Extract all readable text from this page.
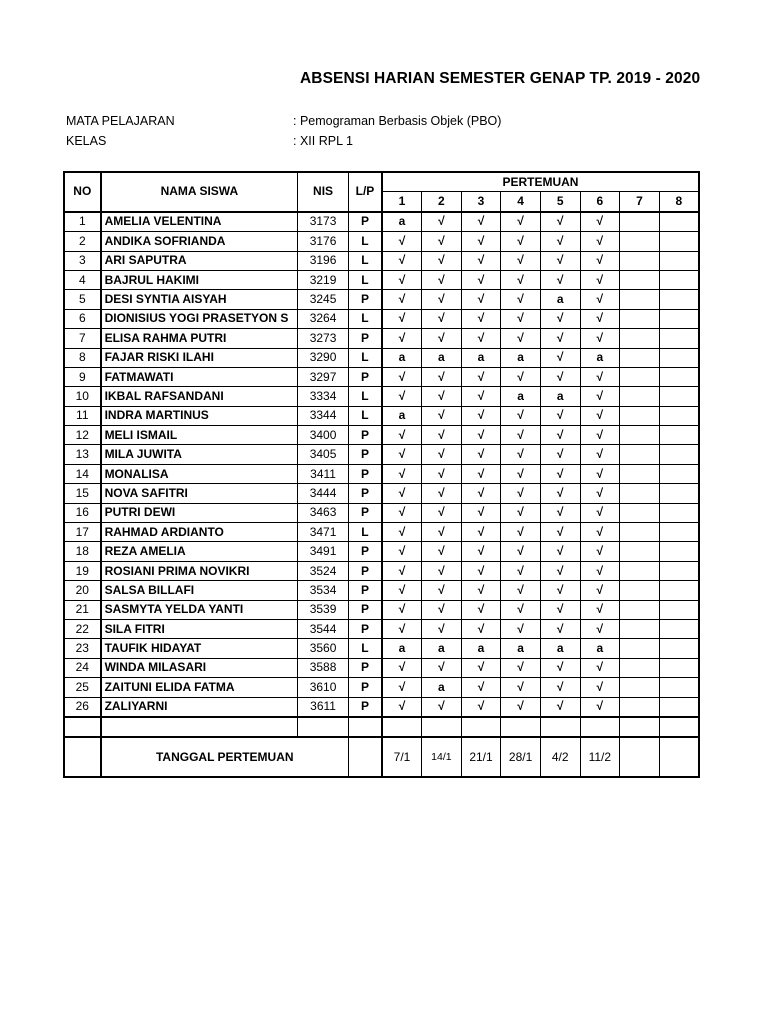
ABSENSI HARIAN SEMESTER GENAP TP. 2019 - 2020
MATA PELAJARAN	: Pemograman Berbasis Objek (PBO)
KELAS	: XII RPL 1
NO	NAMA SISWA	NIS	L/P	PERTEMUAN							
				1	2	3	4	5	6	7	8
1	AMELIA VELENTINA	3173	P	a	√	√	√	√	√		
2	ANDIKA SOFRIANDA	3176	L	√	√	√	√	√	√		
3	ARI SAPUTRA	3196	L	√	√	√	√	√	√		
4	BAJRUL HAKIMI	3219	L	√	√	√	√	√	√		
5	DESI SYNTIA AISYAH	3245	P	√	√	√	√	a	√		
6	DIONISIUS YOGI PRASETYON S	3264	L	√	√	√	√	√	√		
7	ELISA RAHMA PUTRI	3273	P	√	√	√	√	√	√		
8	FAJAR RISKI ILAHI	3290	L	a	a	a	a	√	a		
9	FATMAWATI	3297	P	√	√	√	√	√	√		
10	IKBAL RAFSANDANI	3334	L	√	√	√	a	a	√		
11	INDRA MARTINUS	3344	L	a	√	√	√	√	√		
12	MELI ISMAIL	3400	P	√	√	√	√	√	√		
13	MILA JUWITA	3405	P	√	√	√	√	√	√		
14	MONALISA	3411	P	√	√	√	√	√	√		
15	NOVA SAFITRI	3444	P	√	√	√	√	√	√		
16	PUTRI DEWI	3463	P	√	√	√	√	√	√		
17	RAHMAD ARDIANTO	3471	L	√	√	√	√	√	√		
18	REZA AMELIA	3491	P	√	√	√	√	√	√		
19	ROSIANI PRIMA NOVIKRI	3524	P	√	√	√	√	√	√		
20	SALSA BILLAFI	3534	P	√	√	√	√	√	√		
21	SASMYTA YELDA YANTI	3539	P	√	√	√	√	√	√		
22	SILA FITRI	3544	P	√	√	√	√	√	√		
23	TAUFIK HIDAYAT	3560	L	a	a	a	a	a	a		
24	WINDA MILASARI	3588	P	√	√	√	√	√	√		
25	ZAITUNI ELIDA FATMA	3610	P	√	a	√	√	√	√		
26	ZALIYARNI	3611	P	√	√	√	√	√	√		

	TANGGAL PERTEMUAN			7/1	14/1	21/1	28/1	4/2	11/2		
